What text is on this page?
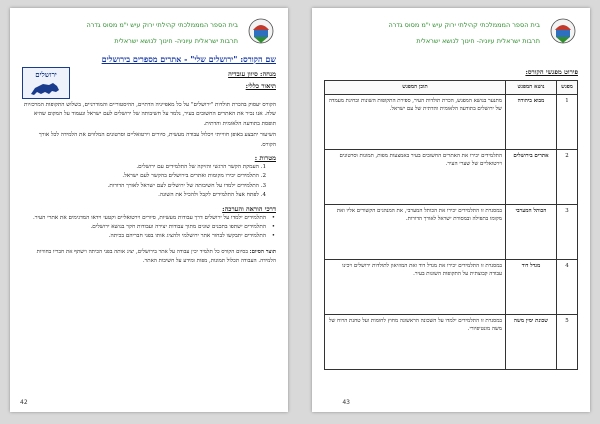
בית הספר המממלכתי קהילתי ירוק עיש י"מ מסוס גדרה
תרבות ישראלית עיוניה- חינוך לנושא ישראלית
שם הקורס: "ירושלים שלי" - אתרים מספרים בירושלים
מנחה: סיוון עובדיה
תיאור כללי:
ירושלים
הקורס יעסוק בהכרת תולדות "ירושלים" על כל מאפייניה הדתיים, ההיסטוריים והמודרניים, בשלוש התקופות המרכזיות שלה. אנו נכיר את האתרים החשובים בעיר, נלמד על חשיבותה של ירושלים לעם ישראל ונעמוד על המקום שהיא תופסת בתודעה הלאומית והדתית.
השיעור יתבצע באופן חווייתי ויכלול עבודה מעשית, סיורים וירטואליים וסרטונים המלווים את הלמידה לכל אורך הקורס.
מטרות :
1. העמקת הקשר הרגשי והזיקה של התלמידים עם ירושלים.
2. התלמידים יכירו מקומות ואתרים בירושלים בהקשר לעם ישראל.
3. התלמידים ילמדו על חשיבותה של ירושלים לעם ישראל לאורך הדורות.
4. לפתח אצל התלמידים לקבל ולהכיל את השונה.
דרכי הוראה והערכה:
•
התלמידים ילמדו על ירושלים דרך עבודות מעשיות, סיורים וירטואליים וקטעי וידאו המדגימים את אתרי העיר.
•
התלמידים ישתפו בתכנים שונים מתוך עבודות יצירה ועבודות חקר בנושא ירושלים.
•
התלמידים יתבקשו לבחור אתר ירושלמי ולהציג אותו בפני חבריהם בכיתה.
תוצר הסיום: בסיום הקורס כל תלמיד יכין עבודה על אתר בירושלים, יציג אותה בפני הכיתה וישתף את חבריו בחוויות הלמידה. העבודה תכלול תמונות, מפות ומידע על חשיבות האתר.
42
בית הספר המממלכתי קהילתי ירוק עיש י"מ מסוס גדרה
תרבות ישראלית עיוניה- חינוך לנושא ישראלית
פירוט מפגשי הקורס:
מפגש	נושא המפגש	תוכן המפגש
1	מבוא ביהודה	מתנער בנושא המפגש, הכרת תולדות העיר, ספירת התקופות השונות ובחינת מעמדה של ירושלים בתודעה הלאומית והדתית של עם ישראל.

2	אתרים בירושלים	התלמידים יכירו את האתרים החשובים בעיר באמצעות מפות, תמונות וסרטונים וירטואליים של שערי העיר.

3	הכותל המערבי	במסגרת זו התלמידים יכירו את הכותל המערבי, את המנהגים הקשורים אליו ואת מקומו בתפילה ובמסורת ישראל לאורך הדורות.

4	מגדל דוד	במסגרת זו התלמידים יכירו את מגדל דוד ואת המוזיאון לתולדות ירושלים ויכינו עבודה קבוצתית על התקופות השונות בעיר.

5	שכונת ימין משה	במסגרת זו התלמידים ילמדו על השכונה הראשונה מחוץ לחומות ועל טחנת הרוח של משה מונטיפיורי.
43
